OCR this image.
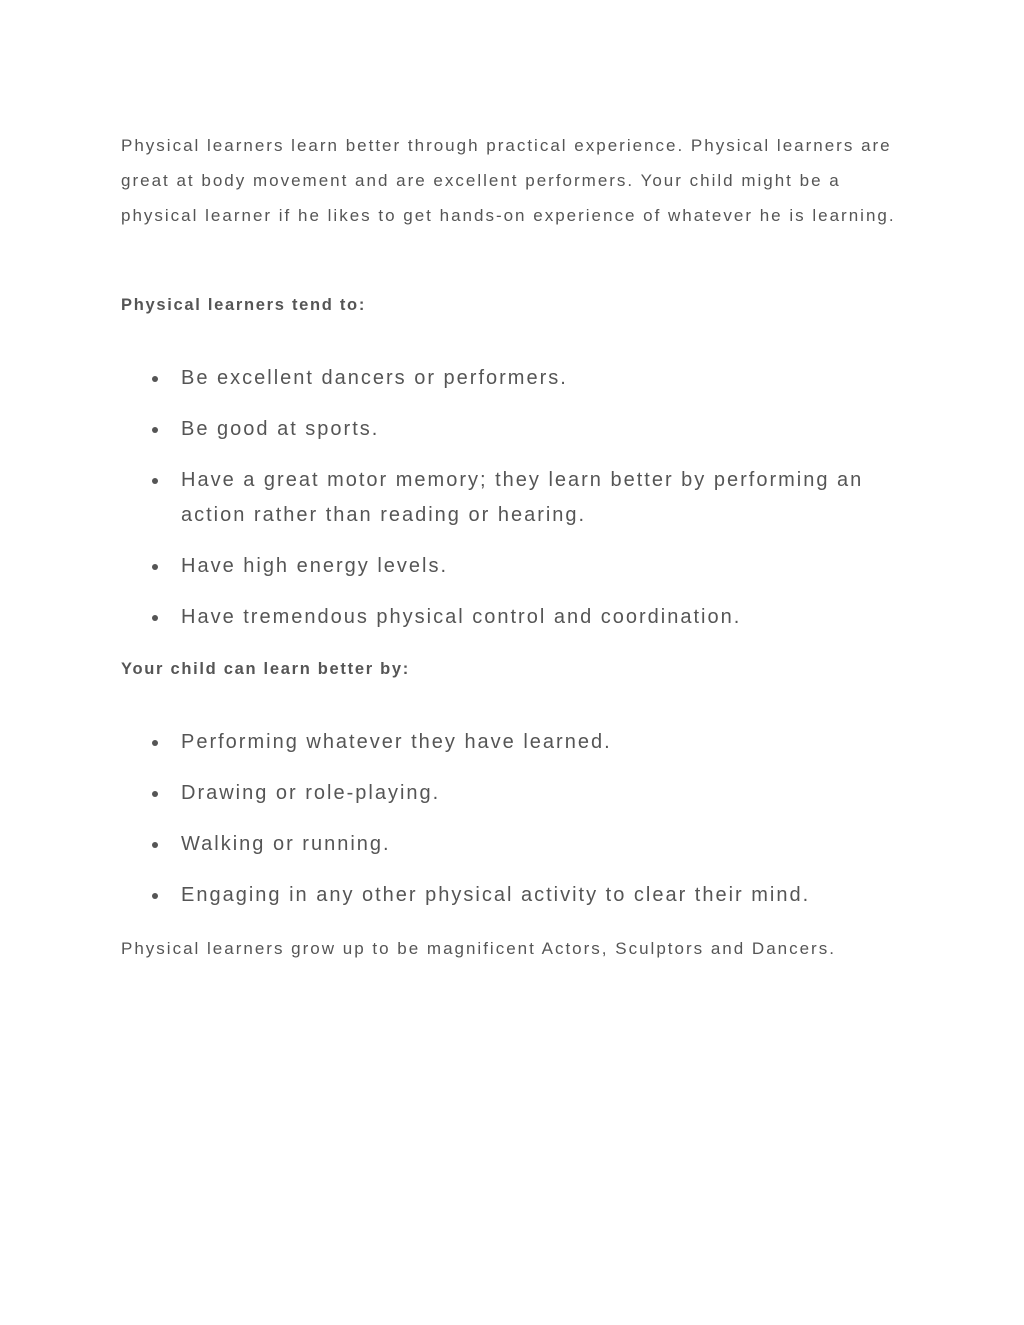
Physical learners learn better through practical experience. Physical learners are great at body movement and are excellent performers. Your child might be a physical learner if he likes to get hands-on experience of whatever he is learning.

Physical learners tend to:
Be excellent dancers or performers.
Be good at sports.
Have a great motor memory; they learn better by performing an action rather than reading or hearing.
Have high energy levels.
Have tremendous physical control and coordination.
Your child can learn better by:
Performing whatever they have learned.
Drawing or role-playing.
Walking or running.
Engaging in any other physical activity to clear their mind.

Physical learners grow up to be magnificent Actors, Sculptors and Dancers.
